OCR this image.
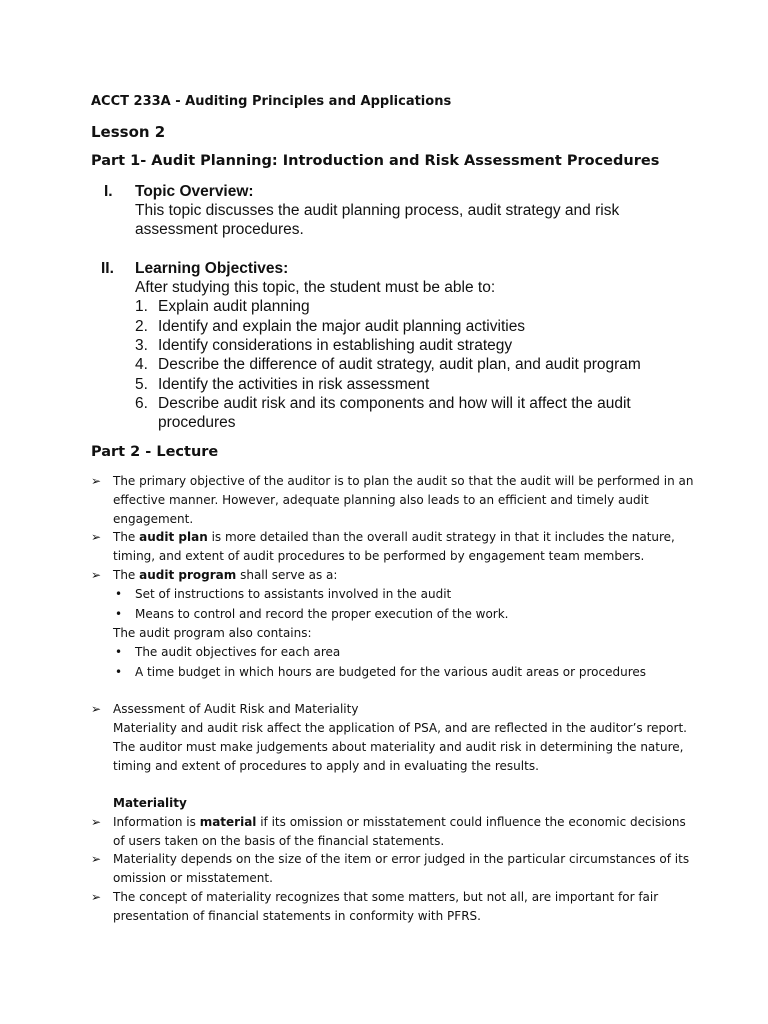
ACCT 233A - Auditing Principles and Applications
Lesson 2
Part 1- Audit Planning: Introduction and Risk Assessment Procedures
I. Topic Overview:
This topic discusses the audit planning process, audit strategy and risk
assessment procedures.
II. Learning Objectives:
After studying this topic, the student must be able to:
1. Explain audit planning
2. Identify and explain the major audit planning activities
3. Identify considerations in establishing audit strategy
4. Describe the difference of audit strategy, audit plan, and audit program
5. Identify the activities in risk assessment
6. Describe audit risk and its components and how will it affect the audit
procedures
Part 2 - Lecture
➢ The primary objective of the auditor is to plan the audit so that the audit will be performed in an
effective manner. However, adequate planning also leads to an efficient and timely audit
engagement.
➢ The audit plan is more detailed than the overall audit strategy in that it includes the nature,
timing, and extent of audit procedures to be performed by engagement team members.
➢ The audit program shall serve as a:
• Set of instructions to assistants involved in the audit
• Means to control and record the proper execution of the work.
The audit program also contains:
• The audit objectives for each area
• A time budget in which hours are budgeted for the various audit areas or procedures
➢ Assessment of Audit Risk and Materiality
Materiality and audit risk affect the application of PSA, and are reflected in the auditor’s report.
The auditor must make judgements about materiality and audit risk in determining the nature,
timing and extent of procedures to apply and in evaluating the results.
Materiality
➢ Information is material if its omission or misstatement could influence the economic decisions
of users taken on the basis of the financial statements.
➢ Materiality depends on the size of the item or error judged in the particular circumstances of its
omission or misstatement.
➢ The concept of materiality recognizes that some matters, but not all, are important for fair
presentation of financial statements in conformity with PFRS.
